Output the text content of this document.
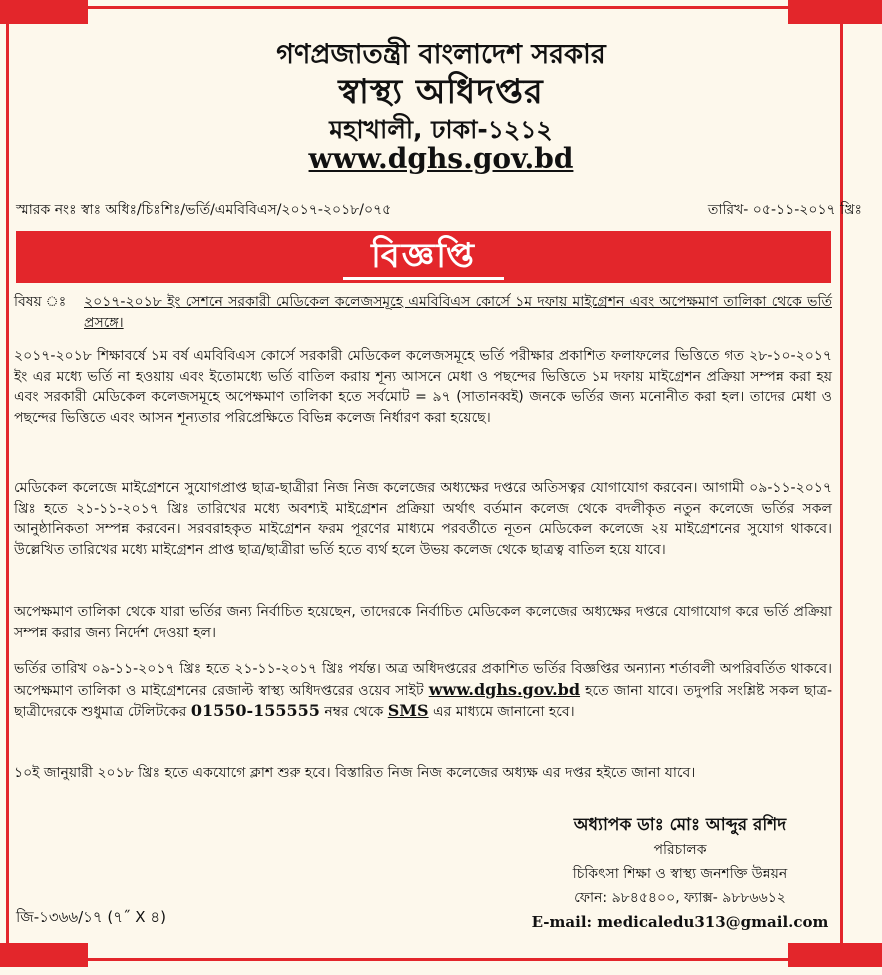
গণপ্রজাতন্ত্রী বাংলাদেশ সরকার
স্বাস্থ্য অধিদপ্তর
মহাখালী, ঢাকা-১২১২
www.dghs.gov.bd
স্মারক নংঃ স্বাঃ অধিঃ/চিঃশিঃ/ভর্তি/এমবিবিএস/২০১৭-২০১৮/০৭৫	তারিখ- ০৫-১১-২০১৭ খ্রিঃ
বিজ্ঞপ্তি
বিষয় ঃ ২০১৭-২০১৮ ইং সেশনে সরকারী মেডিকেল কলেজসমূহে এমবিবিএস কোর্সে ১ম দফায় মাইগ্রেশন এবং অপেক্ষমাণ তালিকা থেকে ভর্তি প্রসঙ্গে।

২০১৭-২০১৮ শিক্ষাবর্ষে ১ম বর্ষ এমবিবিএস কোর্সে সরকারী মেডিকেল কলেজসমূহে ভর্তি পরীক্ষার প্রকাশিত ফলাফলের ভিত্তিতে গত ২৮-১০-২০১৭ ইং এর মধ্যে ভর্তি না হওয়ায় এবং ইতোমধ্যে ভর্তি বাতিল করায় শূন্য আসনে মেধা ও পছন্দের ভিত্তিতে ১ম দফায় মাইগ্রেশন প্রক্রিয়া সম্পন্ন করা হয় এবং সরকারী মেডিকেল কলেজসমূহে অপেক্ষমাণ তালিকা হতে সর্বমোট = ৯৭ (সাতানব্বই) জনকে ভর্তির জন্য মনোনীত করা হল। তাদের মেধা ও পছন্দের ভিত্তিতে এবং আসন শূন্যতার পরিপ্রেক্ষিতে বিভিন্ন কলেজ নির্ধারণ করা হয়েছে।

মেডিকেল কলেজে মাইগ্রেশনে সুযোগপ্রাপ্ত ছাত্র-ছাত্রীরা নিজ নিজ কলেজের অধ্যক্ষের দপ্তরে অতিসত্বর যোগাযোগ করবেন। আগামী ০৯-১১-২০১৭ খ্রিঃ হতে ২১-১১-২০১৭ খ্রিঃ তারিখের মধ্যে অবশ্যই মাইগ্রেশন প্রক্রিয়া অর্থাৎ বর্তমান কলেজ থেকে বদলীকৃত নতুন কলেজে ভর্তির সকল আনুষ্ঠানিকতা সম্পন্ন করবেন। সরবরাহকৃত মাইগ্রেশন ফরম পূরণের মাধ্যমে পরবর্তীতে নূতন মেডিকেল কলেজে ২য় মাইগ্রেশনের সুযোগ থাকবে। উল্লেখিত তারিখের মধ্যে মাইগ্রেশন প্রাপ্ত ছাত্র/ছাত্রীরা ভর্তি হতে ব্যর্থ হলে উভয় কলেজ থেকে ছাত্রত্ব বাতিল হয়ে যাবে।

অপেক্ষমাণ তালিকা থেকে যারা ভর্তির জন্য নির্বাচিত হয়েছেন, তাদেরকে নির্বাচিত মেডিকেল কলেজের অধ্যক্ষের দপ্তরে যোগাযোগ করে ভর্তি প্রক্রিয়া সম্পন্ন করার জন্য নির্দেশ দেওয়া হল।

ভর্তির তারিখ ০৯-১১-২০১৭ খ্রিঃ হতে ২১-১১-২০১৭ খ্রিঃ পর্যন্ত। অত্র অধিদপ্তরের প্রকাশিত ভর্তির বিজ্ঞপ্তির অন্যান্য শর্তাবলী অপরিবর্তিত থাকবে। অপেক্ষমাণ তালিকা ও মাইগ্রেশনের রেজাল্ট স্বাস্থ্য অধিদপ্তরের ওয়েব সাইট www.dghs.gov.bd হতে জানা যাবে। তদুপরি সংশ্লিষ্ট সকল ছাত্র-ছাত্রীদেরকে শুধুমাত্র টেলিটকের 01550-155555 নম্বর থেকে SMS এর মাধ্যমে জানানো হবে।

১০ই জানুয়ারী ২০১৮ খ্রিঃ হতে একযোগে ক্লাশ শুরু হবে। বিস্তারিত নিজ নিজ কলেজের অধ্যক্ষ এর দপ্তর হইতে জানা যাবে।

অধ্যাপক ডাঃ মোঃ আব্দুর রশিদ
পরিচালক
চিকিৎসা শিক্ষা ও স্বাস্থ্য জনশক্তি উন্নয়ন
ফোন: ৯৮৪৫৪০০, ফ্যাক্স- ৯৮৮৬৬১২
E-mail: medicaledu313@gmail.com
জি-১৩৬৬/১৭ (৭˝ X ৪)
